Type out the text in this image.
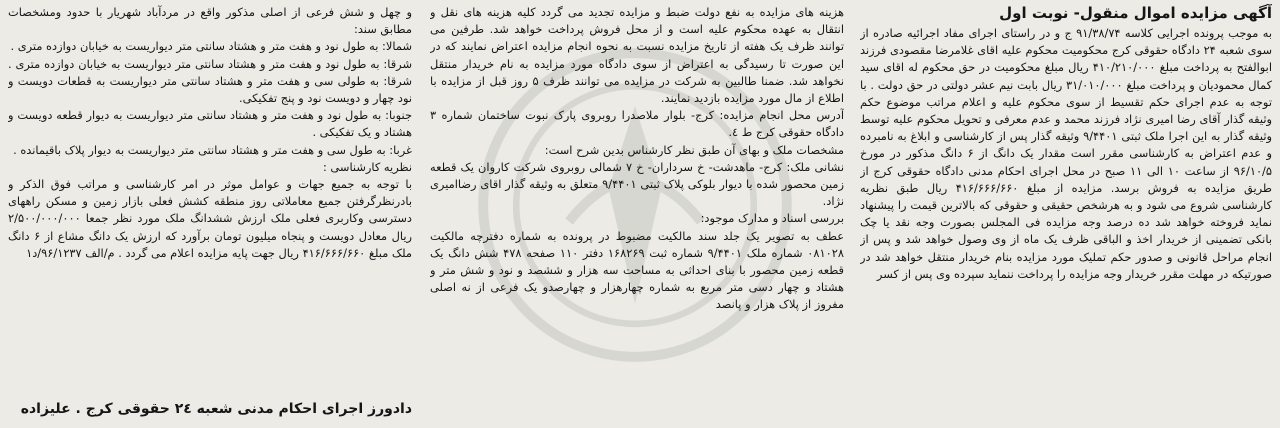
آگهی مزایده اموال منقول- نوبت اول

به موجب پرونده اجرایی کلاسه ۹۱/۳۸/۷۴ ج و در راستای اجرای مفاد اجرائیه صادره از سوی شعبه ۲۴ دادگاه حقوقی کرج محکومیت محکوم علیه اقای غلامرضا مقصودی فرزند ابوالفتح به پرداخت مبلغ ۴۱۰/۲۱۰/۰۰۰ ریال مبلغ محکومیت در حق محکوم له اقای سید کمال محمودیان و پرداخت مبلغ ۳۱/۰۱۰/۰۰۰ ریال بابت نیم عشر دولتی در حق دولت . با توجه به عدم اجرای حکم تقسیط از سوی محکوم علیه و اعلام مراتب موضوع حکم وثیقه گذار آقای رضا امیری نژاد فرزند محمد و عدم معرفی و تحویل محکوم علیه توسط وثیقه گذار به این اجرا ملک ثبتی ۹/۴۴۰۱ وثیقه گذار پس از کارشناسی و ابلاغ به نامبرده و عدم اعتراض به کارشناسی مقرر است مقدار یک دانگ از ۶ دانگ مذکور در مورخ ۹۶/۱۰/۵ از ساعت ۱۰ الی ۱۱ صبح در محل اجرای احکام مدنی دادگاه حقوقی کرج از طریق مزایده به فروش برسد. مزایده از مبلغ ۴۱۶/۶۶۶/۶۶۰ ریال طبق نظریه کارشناسی شروع می شود و به هرشخص حقیقی و حقوقی که بالاترین قیمت را پیشنهاد نماید فروخته خواهد شد ده درصد وجه مزایده فی المجلس بصورت وجه نقد یا چک بانکی تضمینی از خریدار اخذ و الباقی ظرف یک ماه از وی وصول خواهد شد و پس از انجام مراحل قانونی و صدور حکم تملیک مورد مزایده بنام خریدار منتقل خواهد شد در صورتیکه در مهلت مقرر خریدار وجه مزایده را پرداخت ننماید سپرده وی پس از کسر

هزینه های مزایده به نفع دولت ضبط و مزایده تجدید می گردد کلیه هزینه های نقل و انتقال به عهده محکوم علیه است و از محل فروش پرداخت خواهد شد. طرفین می توانند ظرف یک هفته از تاریخ مزایده نسبت به نحوه انجام مزایده اعتراض نمایند که در این صورت تا رسیدگی به اعتراض از سوی دادگاه مورد مزایده به نام خریدار منتقل نخواهد شد. ضمنا طالبین به شرکت در مزایده می توانند ظرف ۵ روز قبل از مزایده با اطلاع از مال مورد مزایده بازدید نمایند.

آدرس محل انجام مزایده: کرج- بلوار ملاصدرا روبروی پارک نبوت ساختمان شماره ۳ دادگاه حقوقی کرج ط ٤.

مشخصات ملک و بهای آن طبق نظر کارشناس بدین شرح است:

نشانی ملک: کرج- ماهدشت- خ سرداران- خ ۷ شمالی روبروی شرکت کاروان یک قطعه زمین محصور شده با دیوار بلوکی پلاک ثبتی ۹/۴۴۰۱ متعلق به وثیقه گذار اقای رضاامیری نژاد.

بررسی اسناد و مدارک موجود:

عطف به تصویر یک جلد سند مالکیت مضبوط در پرونده به شماره دفترچه مالکیت ۰۸۱۰۲۸ شماره ملک ۹/۴۴۰۱ شماره ثبت ۱۶۸۲۶۹ دفتر ۱۱۰ صفحه ۴۷۸ شش دانگ یک قطعه زمین محصور با بنای احداثی به مساحت سه هزار و ششصد و نود و شش متر و هشتاد و چهار دسی متر مربع به شماره چهارهزار و چهارصدو یک فرعی از نه اصلی مفروز از پلاک هزار و پانصد

و چهل و شش فرعی از اصلی مذکور واقع در مردآباد شهریار با حدود ومشخصات مطابق سند:

شمالا: به طول نود و هفت متر و هشتاد سانتی متر دیواریست به خیابان دوازده متری .

شرقا: به طول نود و هفت متر و هشتاد سانتی متر دیواریست به خیابان دوازده متری . شرقا: به طولی سی و هفت متر و هشتاد سانتی متر دیواریست به قطعات دویست و نود چهار و دویست نود و پنج تفکیکی.

جنوبا: به طول نود و هفت متر و هشتاد سانتی متر دیواریست به دیوار قطعه دویست و هشتاد و یک تفکیکی .

غربا: به طول سی و هفت متر و هشتاد سانتی متر دیواریست به دیوار پلاک باقیمانده .

نظریه کارشناسی :

با توجه به جمیع جهات و عوامل موثر در امر کارشناسی و مراتب فوق الذکر و بادرنظرگرفتن جمیع معاملاتی روز منطقه کشش فعلی بازار زمین و مسکن راههای دسترسی وکاربری فعلی ملک ارزش ششدانگ ملک مورد نظر جمعا ۲/۵۰۰/۰۰۰/۰۰۰ ریال معادل دویست و پنجاه میلیون تومان برآورد که ارزش یک دانگ مشاع از ۶ دانگ ملک مبلغ ۴۱۶/۶۶۶/۶۶۰ ریال جهت پایه مزایده اعلام می گردد . م/الف ۹۶/۱۲۳۷/د۱

دادورز اجرای احکام مدنی شعبه ۲٤ حقوقی کرج . علیزاده
